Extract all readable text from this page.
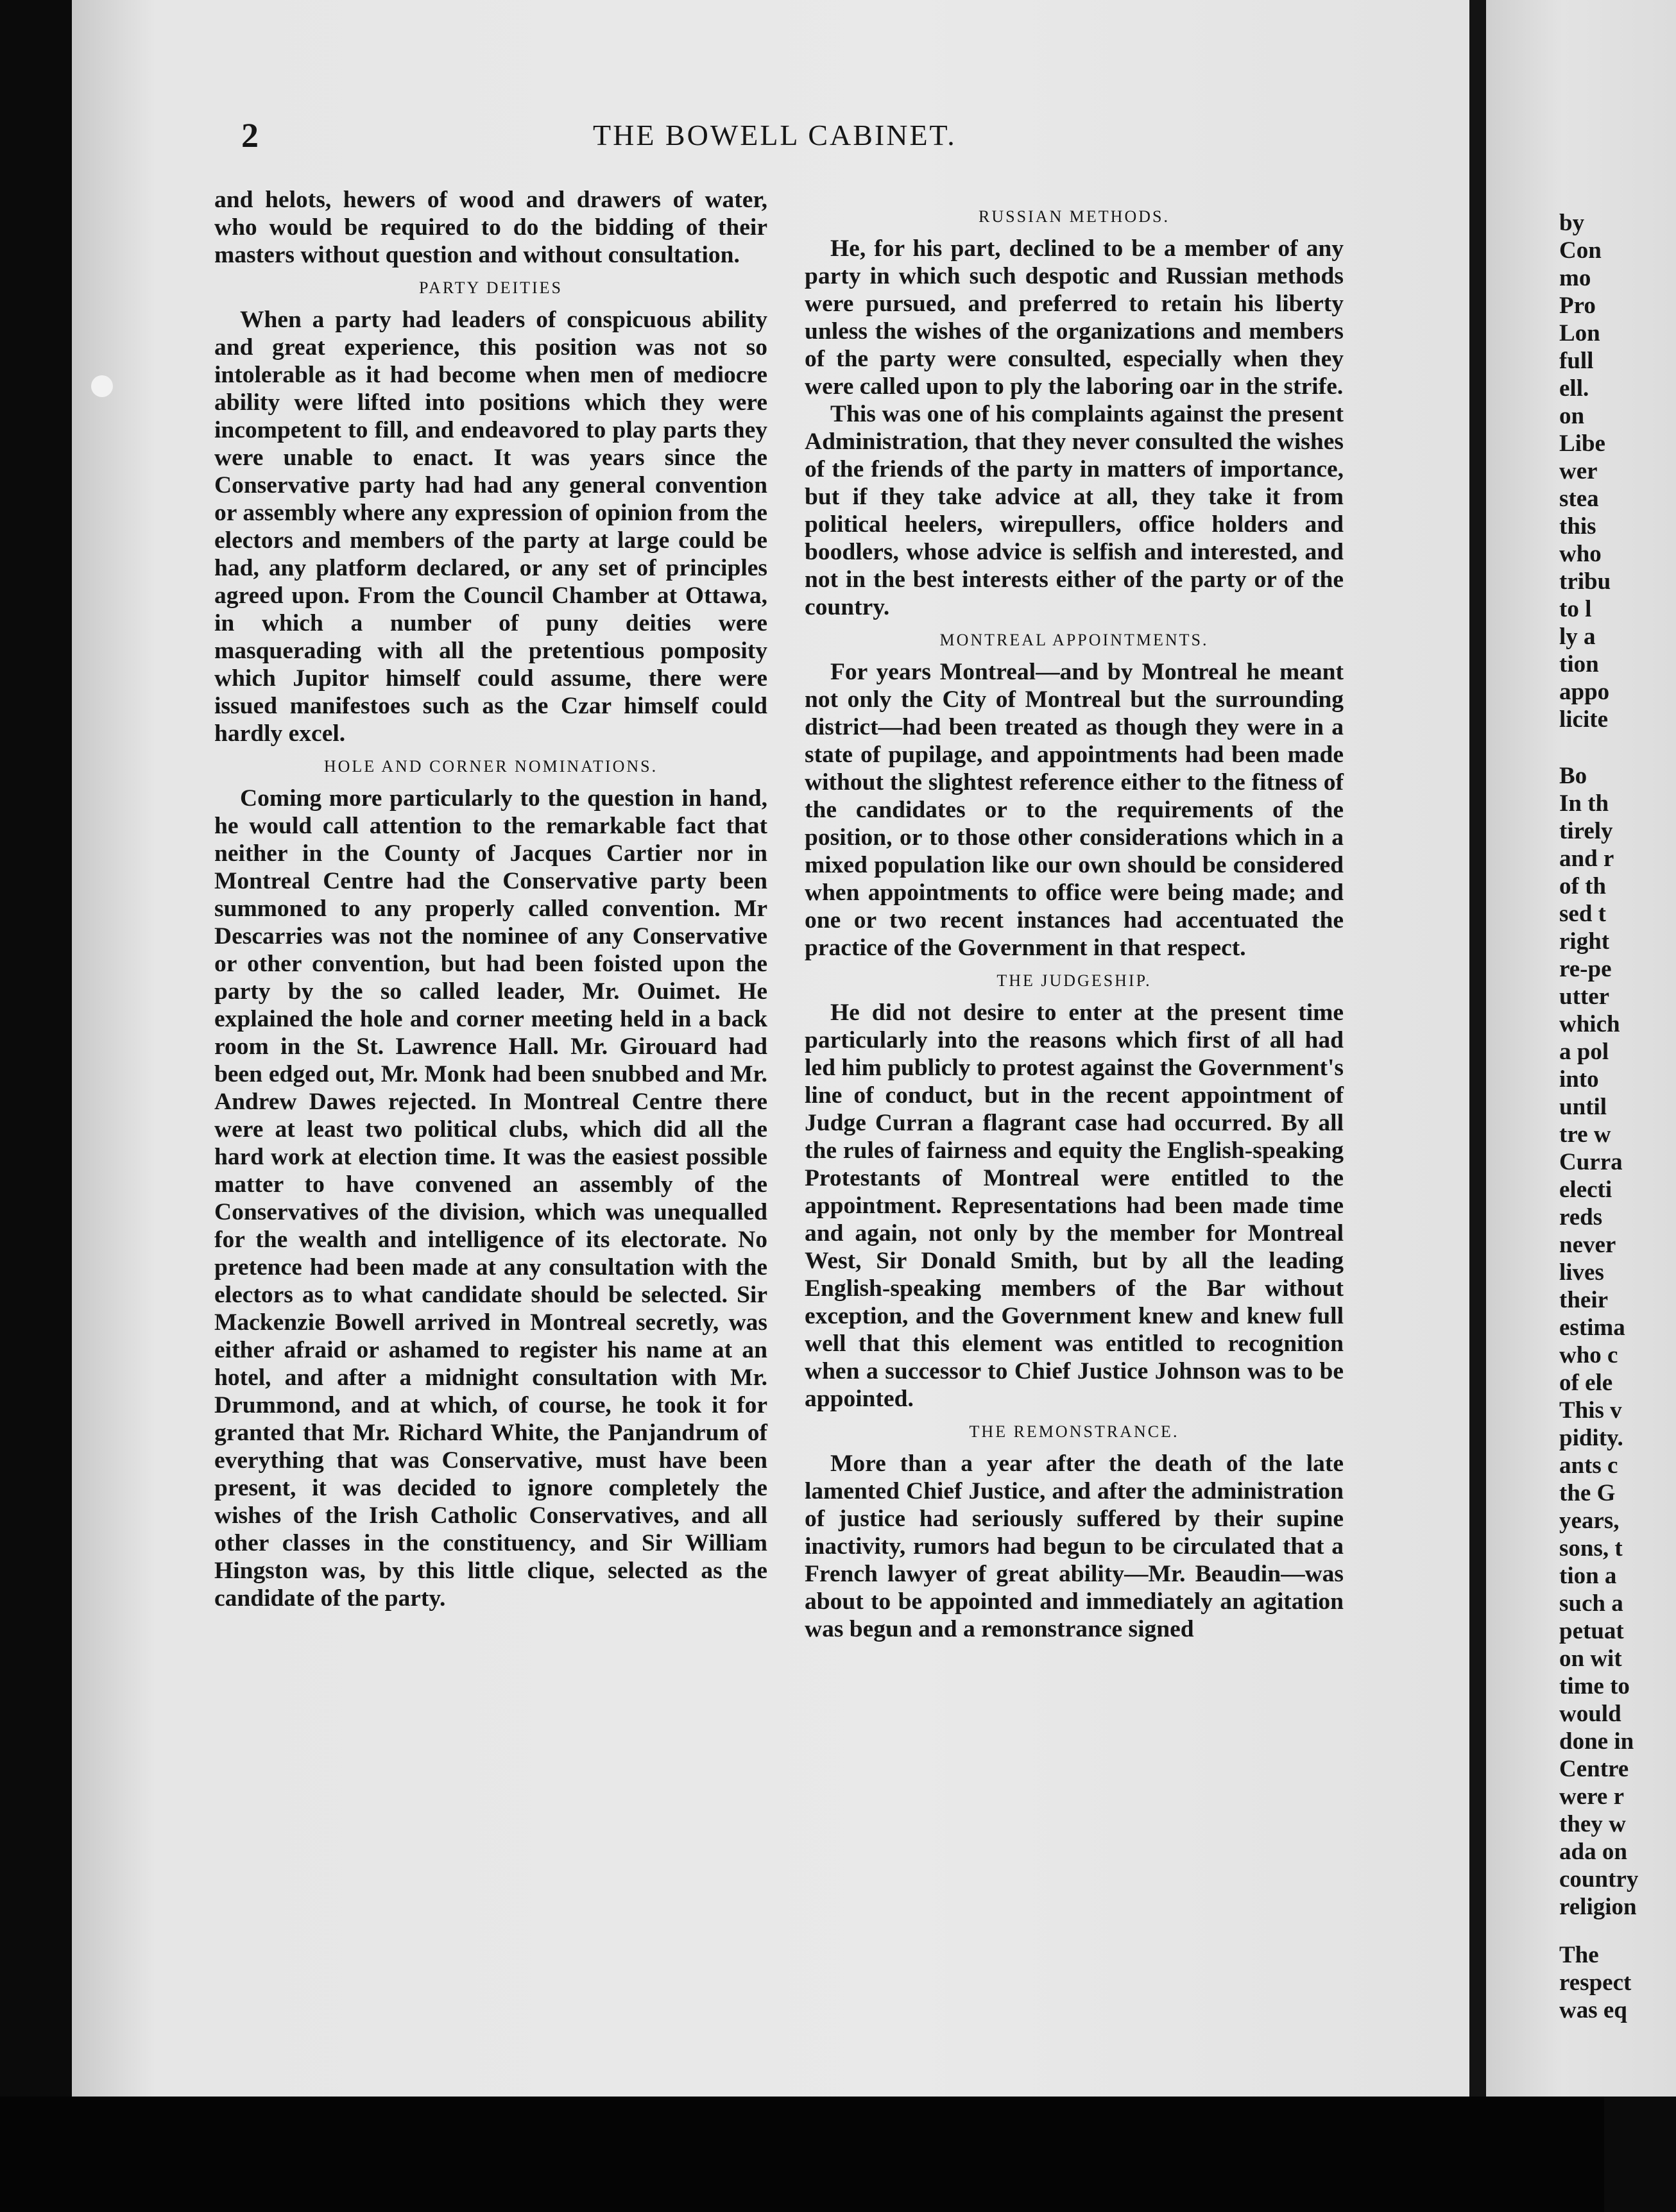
2	THE BOWELL CABINET.

and helots, hewers of wood and drawers of water, who would be required to do the bidding of their masters without question and without consultation.

PARTY DEITIES

When a party had leaders of conspicuous ability and great experience, this position was not so intolerable as it had become when men of mediocre ability were lifted into positions which they were incompetent to fill, and endeavored to play parts they were unable to enact. It was years since the Conservative party had had any general convention or assembly where any expression of opinion from the electors and members of the party at large could be had, any platform declared, or any set of principles agreed upon. From the Council Chamber at Ottawa, in which a number of puny deities were masquerading with all the pretentious pomposity which Jupitor himself could assume, there were issued manifestoes such as the Czar himself could hardly excel.

HOLE AND CORNER NOMINATIONS.

Coming more particularly to the question in hand, he would call attention to the remarkable fact that neither in the County of Jacques Cartier nor in Montreal Centre had the Conservative party been summoned to any properly called convention. Mr Descarries was not the nominee of any Conservative or other convention, but had been foisted upon the party by the so called leader, Mr. Ouimet. He explained the hole and corner meeting held in a back room in the St. Lawrence Hall. Mr. Girouard had been edged out, Mr. Monk had been snubbed and Mr. Andrew Dawes rejected. In Montreal Centre there were at least two political clubs, which did all the hard work at election time. It was the easiest possible matter to have convened an assembly of the Conservatives of the division, which was unequalled for the wealth and intelligence of its electorate. No pretence had been made at any consultation with the electors as to what candidate should be selected. Sir Mackenzie Bowell arrived in Montreal secretly, was either afraid or ashamed to register his name at an hotel, and after a midnight consultation with Mr. Drummond, and at which, of course, he took it for granted that Mr. Richard White, the Panjandrum of everything that was Conservative, must have been present, it was decided to ignore completely the wishes of the Irish Catholic Conservatives, and all other classes in the constituency, and Sir William Hingston was, by this little clique, selected as the candidate of the party.

RUSSIAN METHODS.

He, for his part, declined to be a member of any party in which such despotic and Russian methods were pursued, and preferred to retain his liberty unless the wishes of the organizations and members of the party were consulted, especially when they were called upon to ply the laboring oar in the strife.

This was one of his complaints against the present Administration, that they never consulted the wishes of the friends of the party in matters of importance, but if they take advice at all, they take it from political heelers, wirepullers, office holders and boodlers, whose advice is selfish and interested, and not in the best interests either of the party or of the country.

MONTREAL APPOINTMENTS.

For years Montreal—and by Montreal he meant not only the City of Montreal but the surrounding district—had been treated as though they were in a state of pupilage, and appointments had been made without the slightest reference either to the fitness of the candidates or to the requirements of the position, or to those other considerations which in a mixed population like our own should be considered when appointments to office were being made; and one or two recent instances had accentuated the practice of the Government in that respect.

THE JUDGESHIP.

He did not desire to enter at the present time particularly into the reasons which first of all had led him publicly to protest against the Government's line of conduct, but in the recent appointment of Judge Curran a flagrant case had occurred. By all the rules of fairness and equity the English-speaking Protestants of Montreal were entitled to the appointment. Representations had been made time and again, not only by the member for Montreal West, Sir Donald Smith, but by all the leading English-speaking members of the Bar without exception, and the Government knew and knew full well that this element was entitled to recognition when a successor to Chief Justice Johnson was to be appointed.

THE REMONSTRANCE.

More than a year after the death of the late lamented Chief Justice, and after the administration of justice had seriously suffered by their supine inactivity, rumors had begun to be circulated that a French lawyer of great ability—Mr. Beaudin—was about to be appointed and immediately an agitation was begun and a remonstrance signed

by
Con
mo
Pro
Lon
full
ell.
on
Libe
wer
stea
this
who
tribu
to l
ly a
tion
appo
licite
Bo
In th
tirely
and r
of th
sed t
right
re-pe
utter
which
a pol
into
until
tre w
Curra
electi
reds
never
lives
their
estima
who c
of ele
This v
pidity.
ants c
the G
years,
sons, t
tion a
such a
petuat
on wit
time to
would
done in
Centre
were r
they w
ada on
country
religion
The
respect
was eq
